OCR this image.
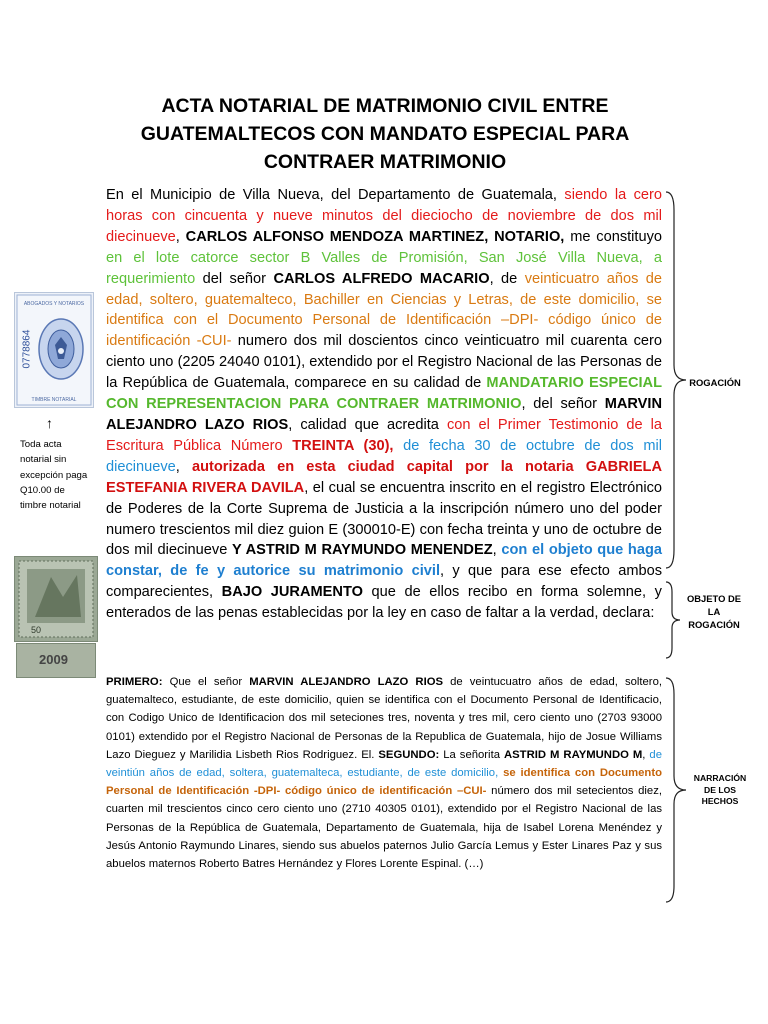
ACTA NOTARIAL DE MATRIMONIO CIVIL ENTRE GUATEMALTECOS CON MANDATO ESPECIAL PARA CONTRAER MATRIMONIO
En el Municipio de Villa Nueva, del Departamento de Guatemala, siendo la cero horas con cincuenta y nueve minutos del dieciocho de noviembre de dos mil diecinueve, CARLOS ALFONSO MENDOZA MARTINEZ, NOTARIO, me constituyo en el lote catorce sector B Valles de Promisión, San José Villa Nueva, a requerimiento del señor CARLOS ALFREDO MACARIO, de veinticuatro años de edad, soltero, guatemalteco, Bachiller en Ciencias y Letras, de este domicilio, se identifica con el Documento Personal de Identificación –DPI- código único de identificación -CUI- numero dos mil doscientos cinco veinticuatro mil cuarenta cero ciento uno (2205 24040 0101), extendido por el Registro Nacional de las Personas de la República de Guatemala, comparece en su calidad de MANDATARIO ESPECIAL CON REPRESENTACION PARA CONTRAER MATRIMONIO, del señor MARVIN ALEJANDRO LAZO RIOS, calidad que acredita con el Primer Testimonio de la Escritura Pública Número TREINTA (30), de fecha 30 de octubre de dos mil diecinueve, autorizada en esta ciudad capital por la notaria GABRIELA ESTEFANIA RIVERA DAVILA, el cual se encuentra inscrito en el registro Electrónico de Poderes de la Corte Suprema de Justicia a la inscripción número uno del poder numero trescientos mil diez guion E (300010-E) con fecha treinta y uno de octubre de dos mil diecinueve Y ASTRID M RAYMUNDO MENENDEZ, con el objeto que haga constar, de fe y autorice su matrimonio civil, y que para ese efecto ambos comparecientes, BAJO JURAMENTO que de ellos recibo en forma solemne, y enterados de las penas establecidas por la ley en caso de faltar a la verdad, declara:
PRIMERO: Que el señor MARVIN ALEJANDRO LAZO RIOS de veintucuatro años de edad, soltero, guatemalteco, estudiante, de este domicilio, quien se identifica con el Documento Personal de Identificacio, con Codigo Unico de Identificacion dos mil seteciones tres, noventa y tres mil, cero ciento uno (2703 93000 0101) extendido por el Registro Nacional de Personas de la Republica de Guatemala, hijo de Josue Williams Lazo Dieguez y Marilidia Lisbeth Rios Rodriguez. El. SEGUNDO: La señorita ASTRID M RAYMUNDO M, de veintiún años de edad, soltera, guatemalteca, estudiante, de este domicilio, se identifica con Documento Personal de Identificación -DPI- código único de identificación –CUI- número dos mil setecientos diez, cuarten mil trescientos cinco cero ciento uno (2710 40305 0101), extendido por el Registro Nacional de las Personas de la República de Guatemala, Departamento de Guatemala, hija de Isabel Lorena Menéndez y Jesús Antonio Raymundo Linares, siendo sus abuelos paternos Julio García Lemus y Ester Linares Paz y sus abuelos maternos Roberto Batres Hernández y Flores Lorente Espinal. (…)
ABOGADOS Y NOTARIOS
0778864
TIMBRE NOTARIAL
↑
Toda acta notarial sin excepción paga Q10.00 de timbre notarial
50
2009
ROGACIÓN
OBJETO DE LA ROGACIÓN
NARRACIÓN DE LOS HECHOS
